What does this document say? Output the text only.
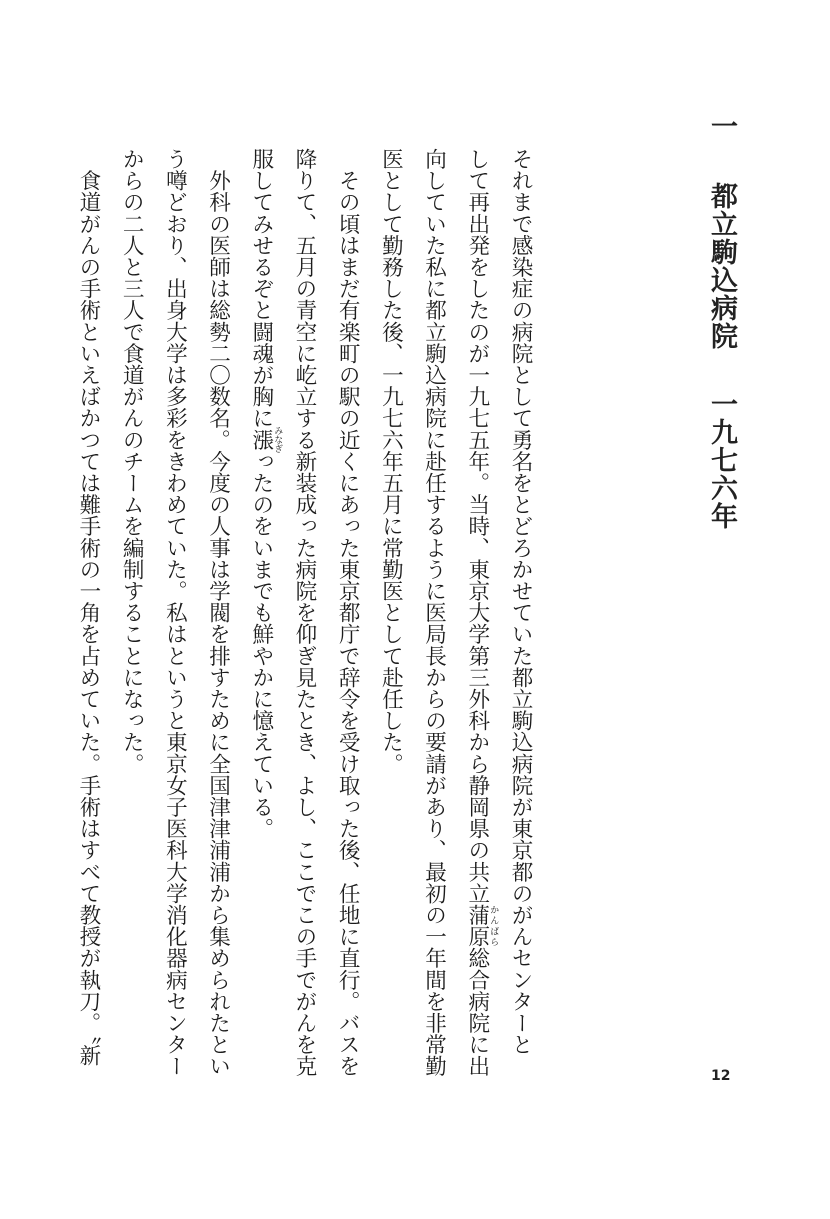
一都立駒込病院一九七六年
それまで感染症の病院として勇名をとどろかせていた都立駒込病院が東京都のがんセンターと
して再出発をしたのが一九七五年。当時、東京大学第三外科から静岡県の共立蒲原かんばら総合病院に出
向していた私に都立駒込病院に赴任するように医局長からの要請があり、最初の一年間を非常勤
医として勤務した後、一九七六年五月に常勤医として赴任した。
　その頃はまだ有楽町の駅の近くにあった東京都庁で辞令を受け取った後、任地に直行。バスを
降りて、五月の青空に屹立する新装成った病院を仰ぎ見たとき、よし、ここでこの手でがんを克
服してみせるぞと闘魂が胸に漲みなぎったのをいまでも鮮やかに憶えている。
　外科の医師は総勢二〇数名。今度の人事は学閥を排すために全国津津浦浦から集められたとい
う噂どおり、出身大学は多彩をきわめていた。私はというと東京女子医科大学消化器病センター
からの二人と三人で食道がんのチームを編制することになった。
　食道がんの手術といえばかつては難手術の一角を占めていた。手術はすべて教授が執刀。〝新
12
